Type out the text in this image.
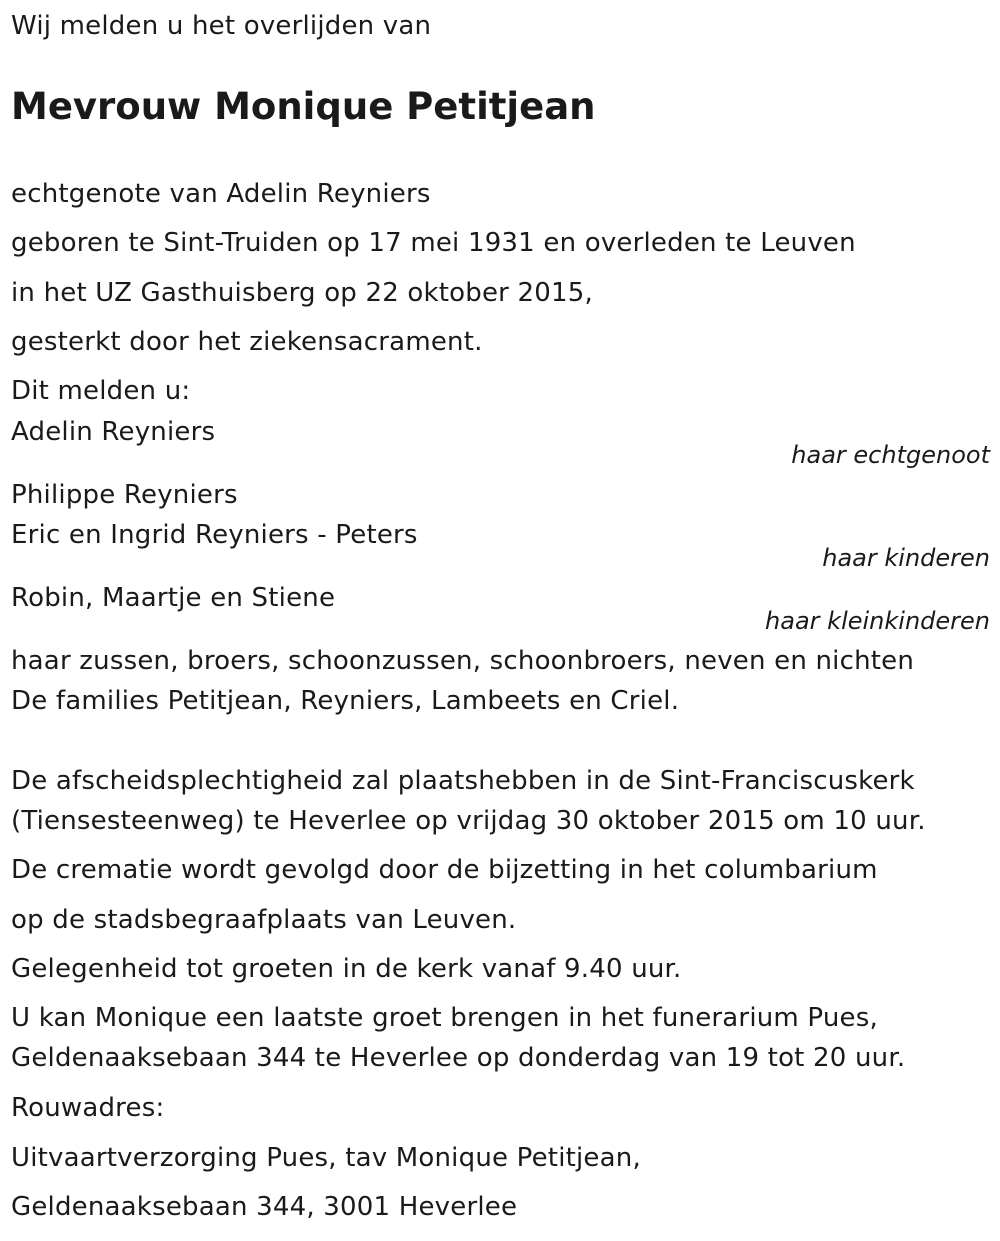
Wij melden u het overlijden van
Mevrouw Monique Petitjean
echtgenote van Adelin Reyniers
geboren te Sint-Truiden op 17 mei 1931 en overleden te Leuven
in het UZ Gasthuisberg op 22 oktober 2015,
gesterkt door het ziekensacrament.
Dit melden u:
Adelin Reyniers
haar echtgenoot
Philippe Reyniers
Eric en Ingrid Reyniers - Peters
haar kinderen
Robin, Maartje en Stiene
haar kleinkinderen
haar zussen, broers, schoonzussen, schoonbroers, neven en nichten
De families Petitjean, Reyniers, Lambeets en Criel.
De afscheidsplechtigheid zal plaatshebben in de Sint-Franciscuskerk
(Tiensesteenweg) te Heverlee op vrijdag 30 oktober 2015 om 10 uur.
De crematie wordt gevolgd door de bijzetting in het columbarium
op de stadsbegraafplaats van Leuven.
Gelegenheid tot groeten in de kerk vanaf 9.40 uur.
U kan Monique een laatste groet brengen in het funerarium Pues,
Geldenaaksebaan 344 te Heverlee op donderdag van 19 tot 20 uur.
Rouwadres:
Uitvaartverzorging Pues, tav Monique Petitjean,
Geldenaaksebaan 344, 3001 Heverlee
